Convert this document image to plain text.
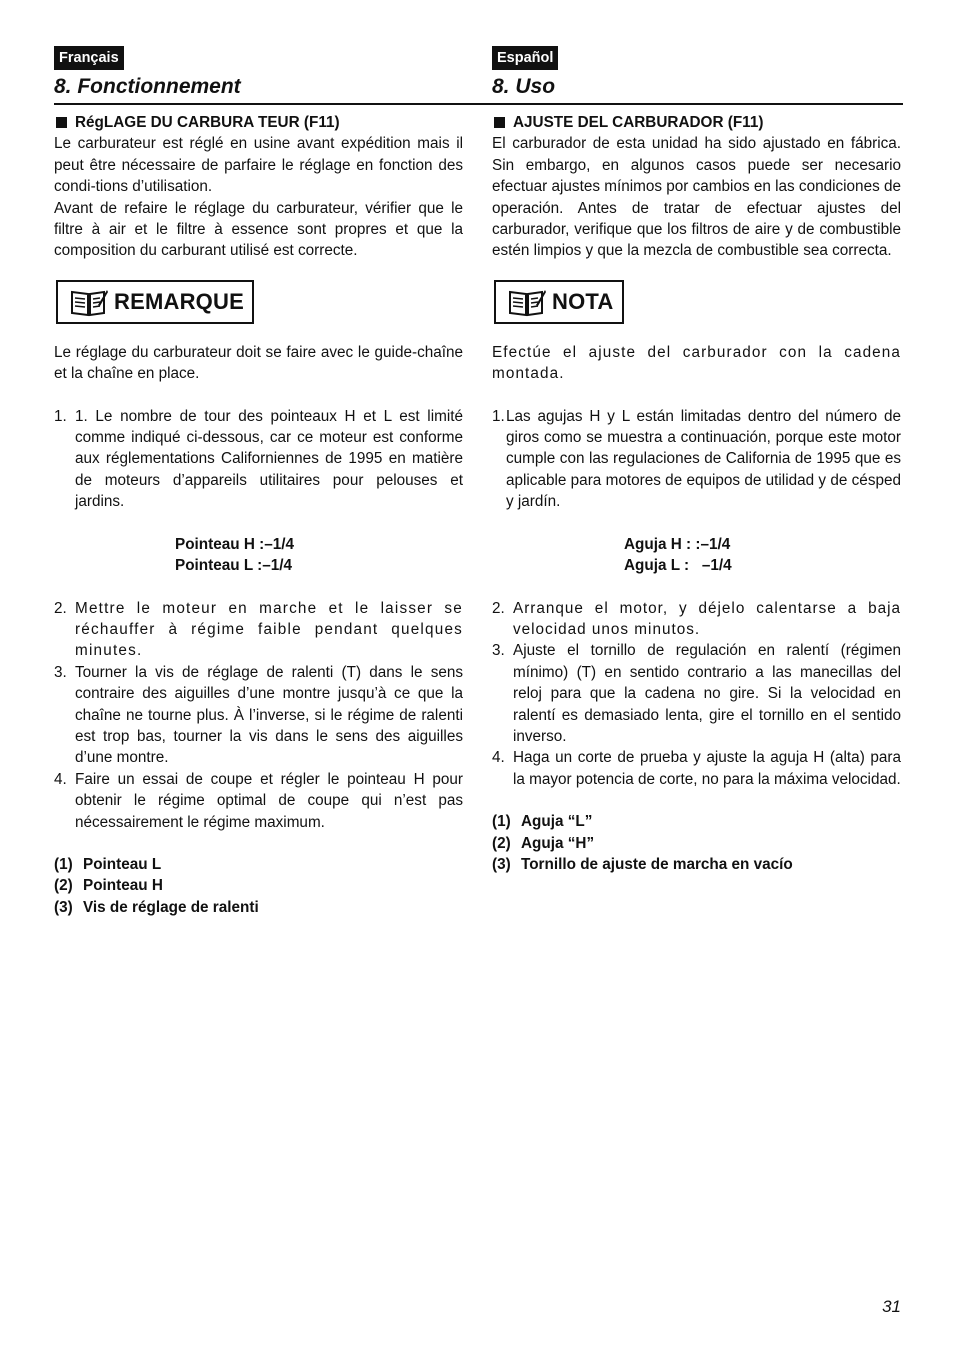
Français
8. Fonctionnement
RégLAGE DU CARBURA TEUR (F11)

Le carburateur est réglé en usine avant expédition mais il peut être nécessaire de parfaire le réglage en fonction des condi-tions d’utilisation.

Avant de refaire le réglage du carburateur, vérifier que le filtre à air et le filtre à essence sont propres et que la composition du carburant utilisé est correcte.

REMARQUE

Le réglage du carburateur doit se faire avec le guide-chaîne et la chaîne en place.

1. 1. Le nombre de tour des pointeaux H et L est limité comme indiqué ci-dessous, car ce moteur est conforme aux réglementations Californiennes de 1995 en matière de moteurs d’appareils utilitaires pour pelouses et jardins.
Pointeau H :–1/4
Pointeau L :–1/4
2. Mettre le moteur en marche et le laisser se réchauffer à régime faible pendant quelques minutes.
3. Tourner la vis de réglage de ralenti (T) dans le sens contraire des aiguilles d’une montre jusqu’à ce que la chaîne ne tourne plus. À l’inverse, si le régime de ralenti est trop bas, tourner la vis dans le sens des aiguilles d’une montre.
4. Faire un essai de coupe et régler le pointeau H pour obtenir le régime optimal de coupe qui n’est pas nécessairement le régime maximum.
(1) Pointeau L
(2) Pointeau H
(3) Vis de réglage de ralenti
Español
8. Uso
AJUSTE DEL CARBURADOR (F11)

El carburador de esta unidad ha sido ajustado en fábrica. Sin embargo, en algunos casos puede ser necesario efectuar ajustes mínimos por cambios en las condiciones de operación. Antes de tratar de efectuar ajustes del carburador, verifique que los filtros de aire y de combustible estén limpios y que la mezcla de combustible sea correcta.

NOTA

Efectúe el ajuste del carburador con la cadena montada.

1. Las agujas H y L están limitadas dentro del número de giros como se muestra a continuación, porque este motor cumple con las regulaciones de California de 1995 que es aplicable para motores de equipos de utilidad y de césped y jardín.
Aguja H : :–1/4
Aguja L :   –1/4
2. Arranque el motor, y déjelo calentarse a baja velocidad unos minutos.
3. Ajuste el tornillo de regulación en ralentí (régimen mínimo) (T) en sentido contrario a las manecillas del reloj para que la cadena no gire. Si la velocidad en ralentí es demasiado lenta, gire el tornillo en el sentido inverso.
4. Haga un corte de prueba y ajuste la aguja H (alta) para la mayor potencia de corte, no para la máxima velocidad.
(1) Aguja “L”
(2) Aguja “H”
(3) Tornillo de ajuste de marcha en vacío
31
